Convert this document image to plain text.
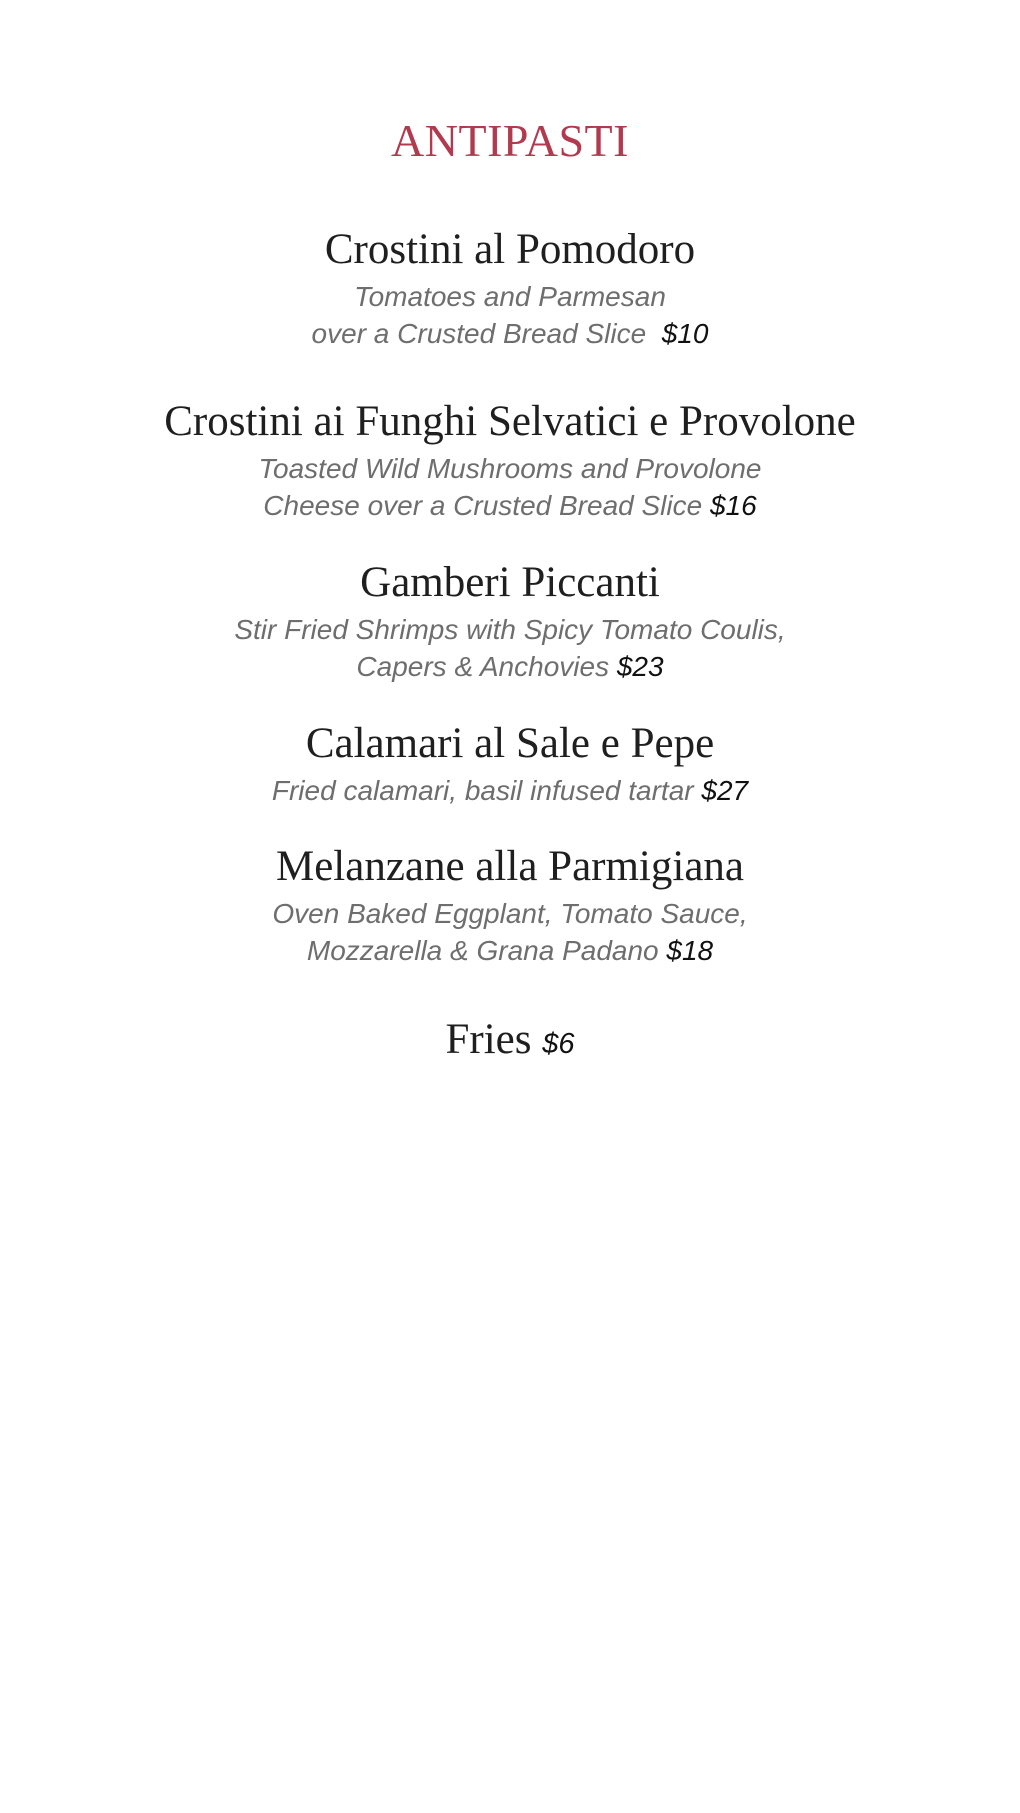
ANTIPASTI
Crostini al Pomodoro
Tomatoes and Parmesan
over a Crusted Bread Slice $10
Crostini ai Funghi Selvatici e Provolone
Toasted Wild Mushrooms and Provolone
Cheese over a Crusted Bread Slice $16
Gamberi Piccanti
Stir Fried Shrimps with Spicy Tomato Coulis,
Capers & Anchovies $23
Calamari al Sale e Pepe
Fried calamari, basil infused tartar $27
Melanzane alla Parmigiana
Oven Baked Eggplant, Tomato Sauce,
Mozzarella & Grana Padano $18
Fries $6
